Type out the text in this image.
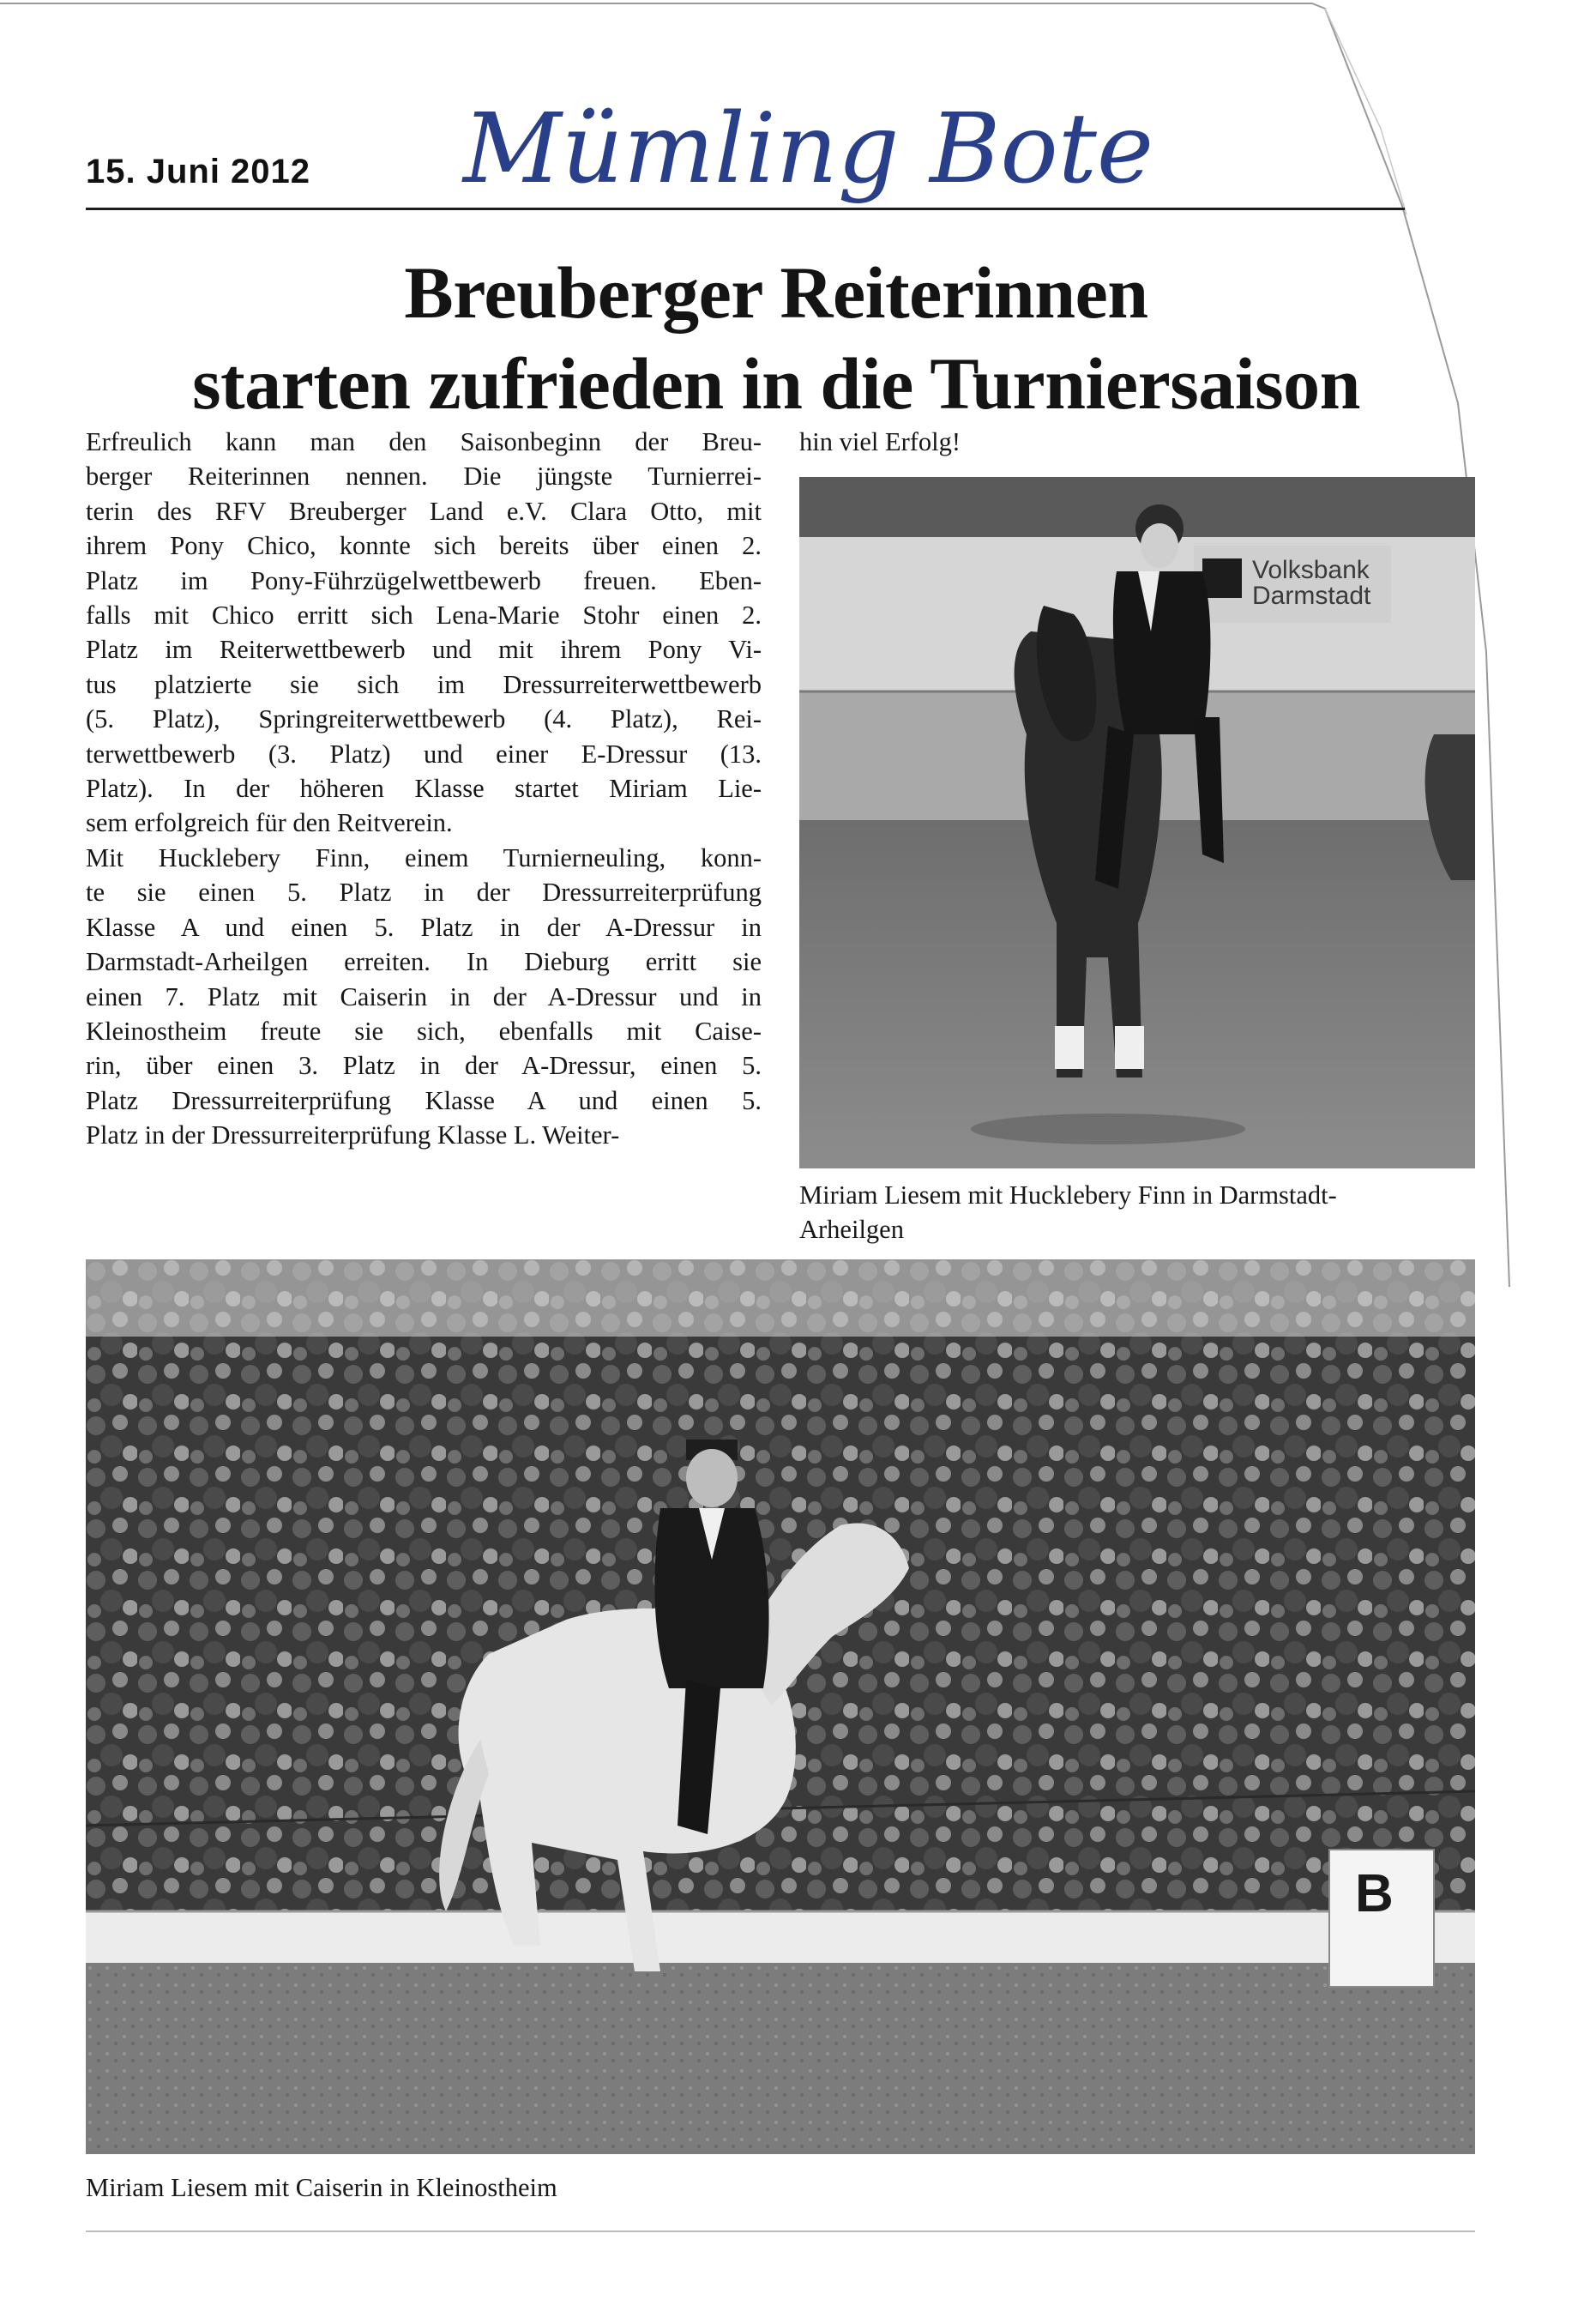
15. Juni 2012 Mümling Bote
Breuberger Reiterinnen
starten zufrieden in die Turniersaison

Erfreulich kann man den Saisonbeginn der Breu-
berger Reiterinnen nennen. Die jüngste Turnierrei-
terin des RFV Breuberger Land e.V. Clara Otto, mit
ihrem Pony Chico, konnte sich bereits über einen 2.
Platz im Pony-Führzügelwettbewerb freuen. Eben-
falls mit Chico erritt sich Lena-Marie Stohr einen 2.
Platz im Reiterwettbewerb und mit ihrem Pony Vi-
tus platzierte sie sich im Dressurreiterwettbewerb
(5. Platz), Springreiterwettbewerb (4. Platz), Rei-
terwettbewerb (3. Platz) und einer E-Dressur (13.
Platz). In der höheren Klasse startet Miriam Lie-
sem erfolgreich für den Reitverein.
Mit Hucklebery Finn, einem Turnierneuling, konn-
te sie einen 5. Platz in der Dressurreiterprüfung
Klasse A und einen 5. Platz in der A-Dressur in
Darmstadt-Arheilgen erreiten. In Dieburg erritt sie
einen 7. Platz mit Caiserin in der A-Dressur und in
Kleinostheim freute sie sich, ebenfalls mit Caise-
rin, über einen 3. Platz in der A-Dressur, einen 5.
Platz Dressurreiterprüfung Klasse A und einen 5.
Platz in der Dressurreiterprüfung Klasse L. Weiter-

hin viel Erfolg!
Volksbank
Darmstadt
Miriam Liesem mit Hucklebery Finn in Darmstadt-
Arheilgen
B
Miriam Liesem mit Caiserin in Kleinostheim
